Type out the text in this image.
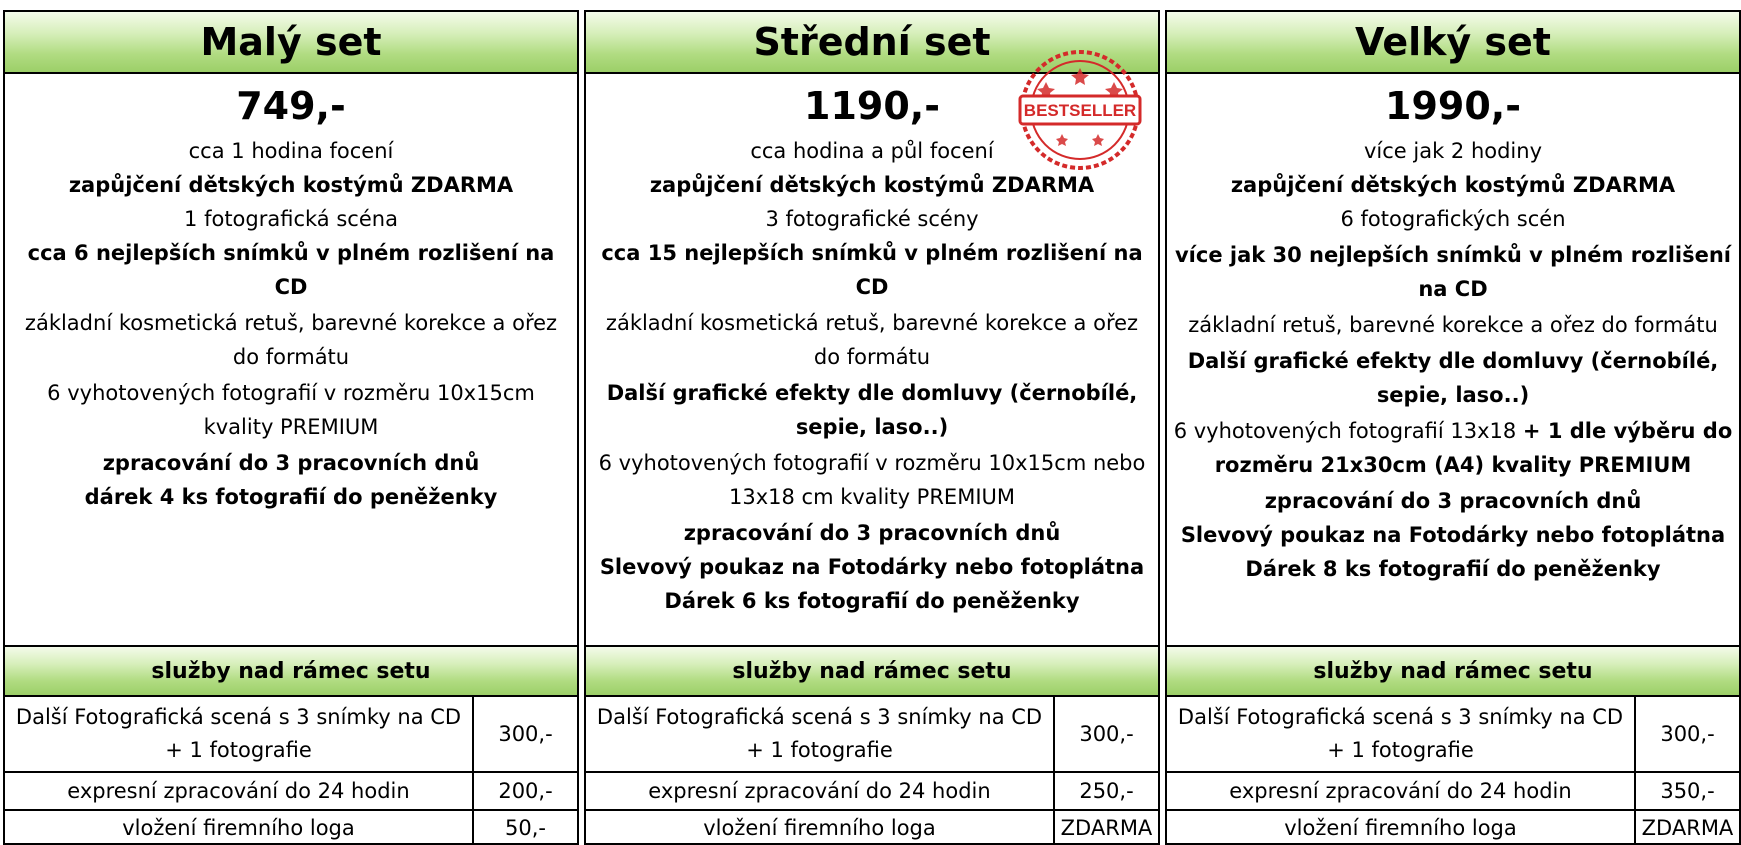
Malý set
749,-
cca 1 hodina focení
zapůjčení dětských kostýmů ZDARMA
1 fotografická scéna
cca 6 nejlepších snímků v plném rozlišení na CD
základní kosmetická retuš, barevné korekce a ořez do formátu
6 vyhotovených fotografií v rozměru 10x15cm kvality PREMIUM
zpracování do 3 pracovních dnů
dárek 4 ks fotografií do peněženky
služby nad rámec setu
Další Fotografická scená s 3 snímky na CD + 1 fotografie	300,-
expresní zpracování do 24 hodin	200,-
vložení firemního loga	50,-
Střední set
BESTSELLER
1190,-
cca hodina a půl focení
zapůjčení dětských kostýmů ZDARMA
3 fotografické scény
cca 15 nejlepších snímků v plném rozlišení na CD
základní kosmetická retuš, barevné korekce a ořez do formátu
Další grafické efekty dle domluvy (černobílé, sepie, laso..)
6 vyhotovených fotografií v rozměru 10x15cm nebo 13x18 cm kvality PREMIUM
zpracování do 3 pracovních dnů
Slevový poukaz na Fotodárky nebo fotoplátna
Dárek 6 ks fotografií do peněženky
služby nad rámec setu
Další Fotografická scená s 3 snímky na CD + 1 fotografie	300,-
expresní zpracování do 24 hodin	250,-
vložení firemního loga	ZDARMA
Velký set
1990,-
více jak 2 hodiny
zapůjčení dětských kostýmů ZDARMA
6 fotografických scén
více jak 30 nejlepších snímků v plném rozlišení na CD
základní retuš, barevné korekce a ořez do formátu
Další grafické efekty dle domluvy (černobílé, sepie, laso..)
6 vyhotovených fotografií 13x18 + 1 dle výběru do rozměru 21x30cm (A4) kvality PREMIUM
zpracování do 3 pracovních dnů
Slevový poukaz na Fotodárky nebo fotoplátna
Dárek 8 ks fotografií do peněženky
služby nad rámec setu
Další Fotografická scená s 3 snímky na CD + 1 fotografie	300,-
expresní zpracování do 24 hodin	350,-
vložení firemního loga	ZDARMA
